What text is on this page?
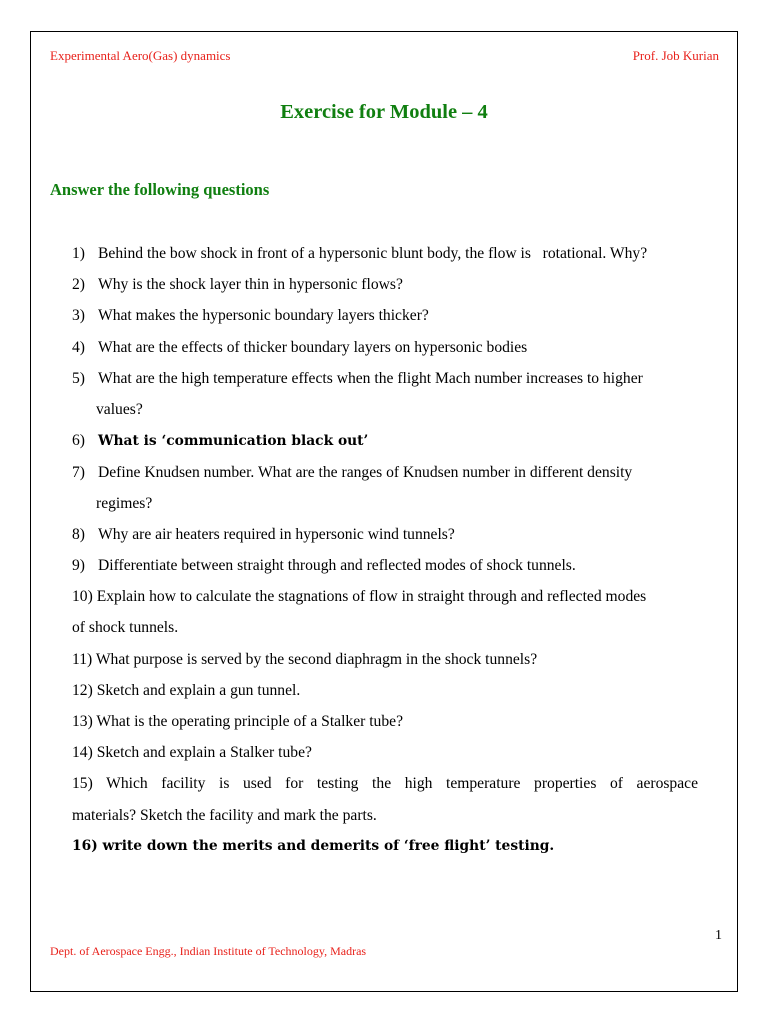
Experimental Aero(Gas) dynamics	Prof. Job Kurian
Exercise for Module – 4
Answer the following questions
1) Behind the bow shock in front of a hypersonic blunt body, the flow is   rotational. Why?
2) Why is the shock layer thin in hypersonic flows?
3) What makes the hypersonic boundary layers thicker?
4) What are the effects of thicker boundary layers on hypersonic bodies
5) What are the high temperature effects when the flight Mach number increases to higher
values?
6) What is ‘communication black out’
7) Define Knudsen number. What are the ranges of Knudsen number in different density
regimes?
8) Why are air heaters required in hypersonic wind tunnels?
9) Differentiate between straight through and reflected modes of shock tunnels.
10) Explain how to calculate the stagnations of flow in straight through and reflected modes
of shock tunnels.
11) What purpose is served by the second diaphragm in the shock tunnels?
12) Sketch and explain a gun tunnel.
13) What is the operating principle of a Stalker tube?
14) Sketch and explain a Stalker tube?
15) Which facility is used for testing the high temperature properties of aerospace
materials? Sketch the facility and mark the parts.
16) write down the merits and demerits of ‘free flight’ testing.
1
Dept. of Aerospace Engg., Indian Institute of Technology, Madras
